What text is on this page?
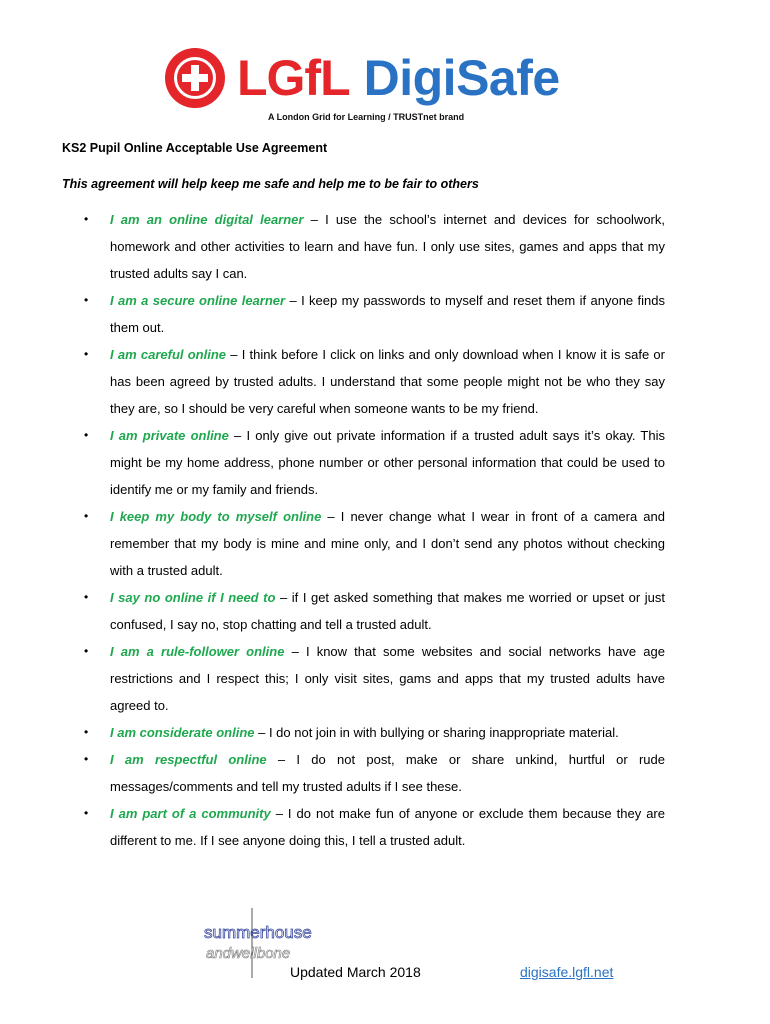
LGfL DigiSafe
A London Grid for Learning / TRUSTnet brand
KS2 Pupil Online Acceptable Use Agreement
This agreement will help keep me safe and help me to be fair to others
• I am an online digital learner – I use the school’s internet and devices for schoolwork, homework and other activities to learn and have fun. I only use sites, games and apps that my trusted adults say I can.
• I am a secure online learner – I keep my passwords to myself and reset them if anyone finds them out.
• I am careful online – I think before I click on links and only download when I know it is safe or has been agreed by trusted adults. I understand that some people might not be who they say they are, so I should be very careful when someone wants to be my friend.
• I am private online – I only give out private information if a trusted adult says it’s okay. This might be my home address, phone number or other personal information that could be used to identify me or my family and friends.
• I keep my body to myself online – I never change what I wear in front of a camera and remember that my body is mine and mine only, and I don’t send any photos without checking with a trusted adult.
• I say no online if I need to – if I get asked something that makes me worried or upset or just confused, I say no, stop chatting and tell a trusted adult.
• I am a rule-follower online – I know that some websites and social networks have age restrictions and I respect this; I only visit sites, gams and apps that my trusted adults have agreed to.
• I am considerate online – I do not join in with bullying or sharing inappropriate material.
• I am respectful online – I do not post, make or share unkind, hurtful or rude messages/comments and tell my trusted adults if I see these.
• I am part of a community – I do not make fun of anyone or exclude them because they are different to me. If I see anyone doing this, I tell a trusted adult.
summerhouse
andwellbone
Updated March 2018	digisafe.lgfl.net
